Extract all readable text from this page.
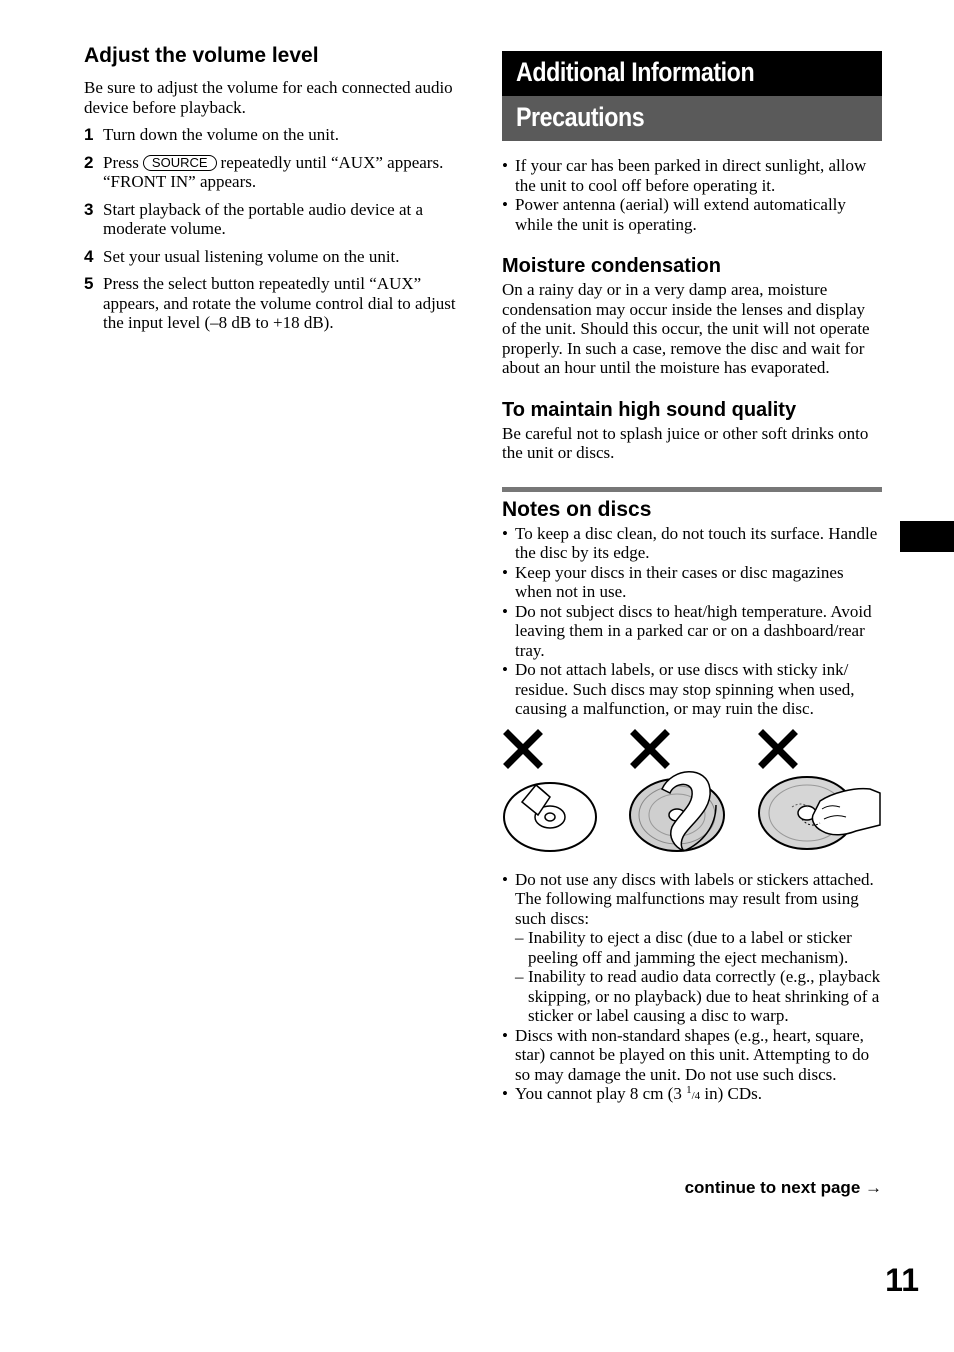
Adjust the volume level

Be sure to adjust the volume for each connected audio device before playback.

1 Turn down the volume on the unit.
2 Press SOURCE repeatedly until “AUX” appears.
“FRONT IN” appears.
3 Start playback of the portable audio device at a moderate volume.
4 Set your usual listening volume on the unit.
5 Press the select button repeatedly until “AUX” appears, and rotate the volume control dial to adjust the input level (–8 dB to +18 dB).
Additional Information
Precautions
• If your car has been parked in direct sunlight, allow the unit to cool off before operating it.
• Power antenna (aerial) will extend automatically while the unit is operating.
Moisture condensation

On a rainy day or in a very damp area, moisture condensation may occur inside the lenses and display of the unit. Should this occur, the unit will not operate properly. In such a case, remove the disc and wait for about an hour until the moisture has evaporated.

To maintain high sound quality

Be careful not to splash juice or other soft drinks onto the unit or discs.

Notes on discs
• To keep a disc clean, do not touch its surface. Handle the disc by its edge.
• Keep your discs in their cases or disc magazines when not in use.
• Do not subject discs to heat/high temperature. Avoid leaving them in a parked car or on a dashboard/rear tray.
• Do not attach labels, or use discs with sticky ink/ residue. Such discs may stop spinning when used, causing a malfunction, or may ruin the disc.
• Do not use any discs with labels or stickers attached.
The following malfunctions may result from using such discs:
– Inability to eject a disc (due to a label or sticker peeling off and jamming the eject mechanism).
– Inability to read audio data correctly (e.g., playback skipping, or no playback) due to heat shrinking of a sticker or label causing a disc to warp.
• Discs with non-standard shapes (e.g., heart, square, star) cannot be played on this unit. Attempting to do so may damage the unit. Do not use such discs.
• You cannot play 8 cm (3 $^1$/4 in) CDs.
continue to next page →
11
